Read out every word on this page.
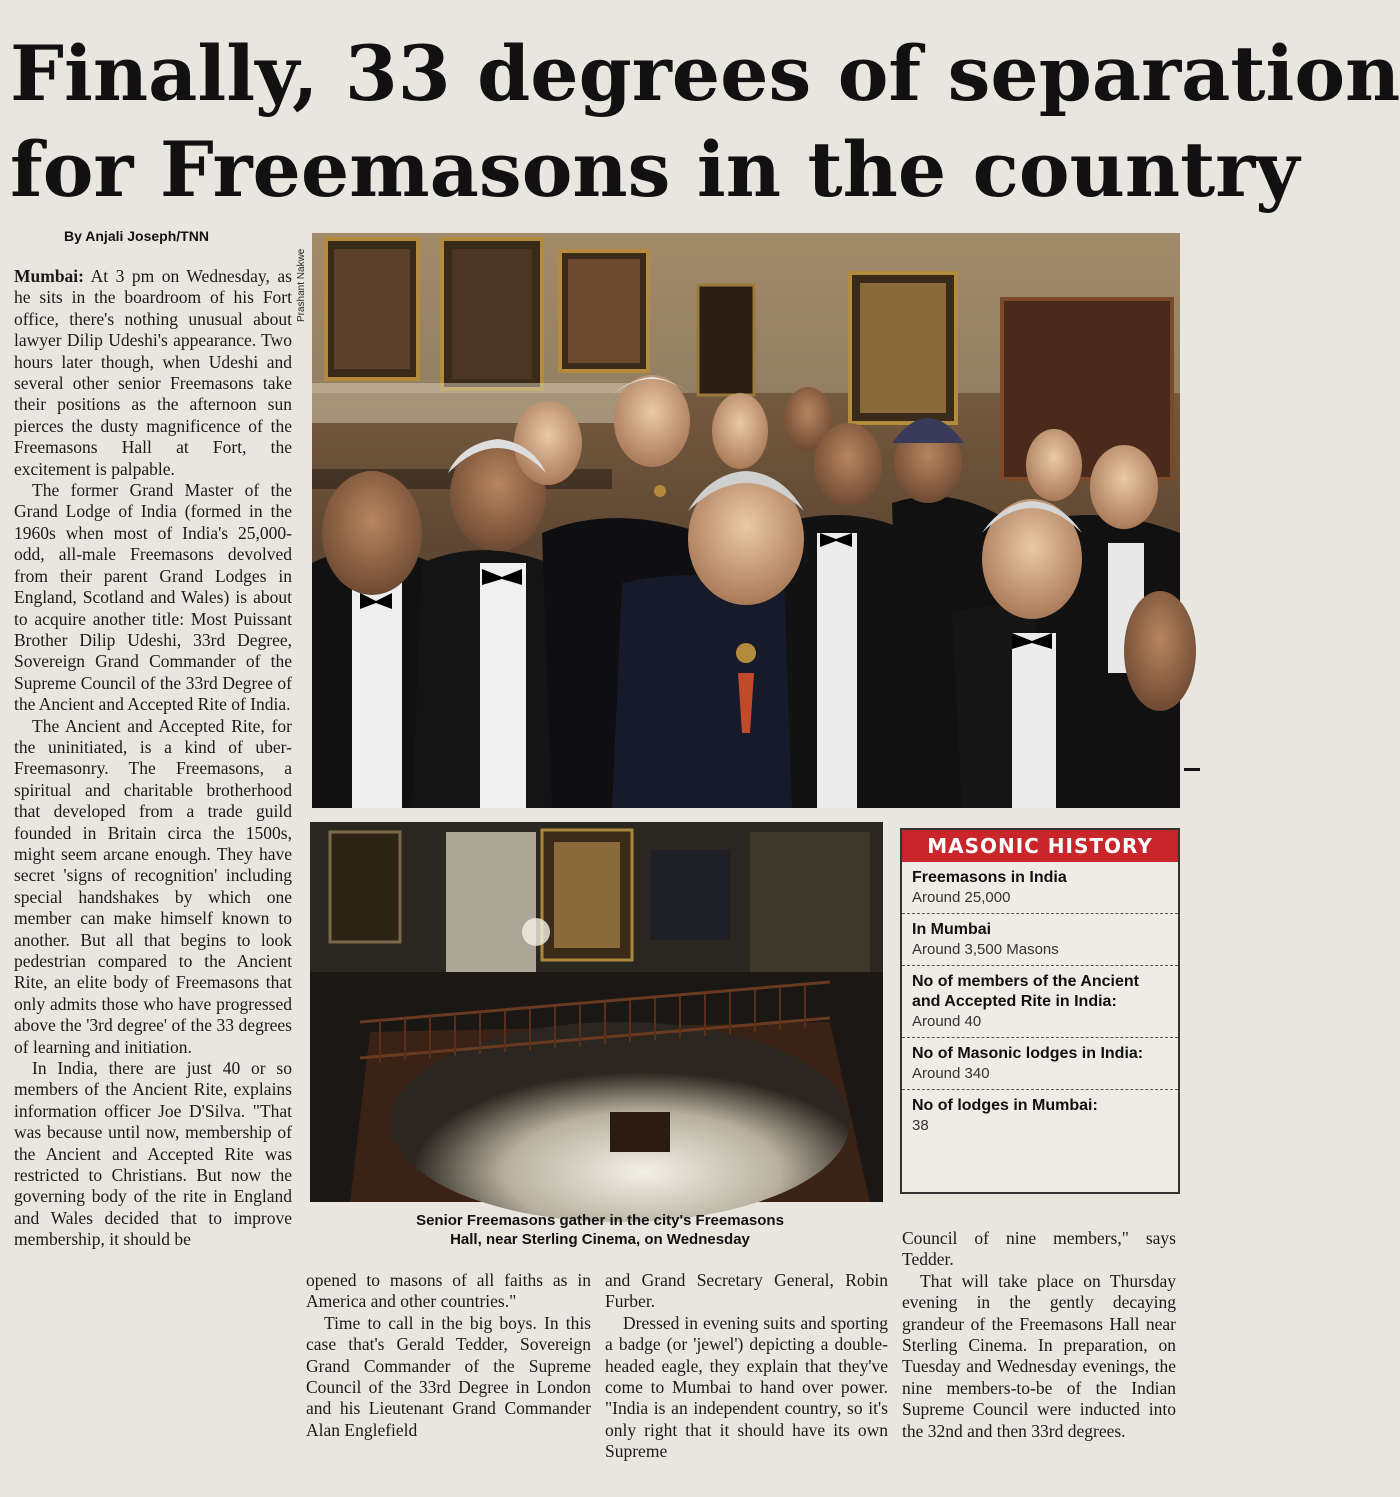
Finally, 33 degrees of separation
for Freemasons in the country
By Anjali Joseph/TNN
Prashant Nakwe

Mumbai: At 3 pm on Wednesday, as he sits in the boardroom of his Fort office, there's nothing unusual about lawyer Dilip Udeshi's appearance. Two hours later though, when Udeshi and several other senior Freemasons take their positions as the afternoon sun pierces the dusty magnificence of the Freemasons Hall at Fort, the excitement is palpable.

The former Grand Master of the Grand Lodge of India (formed in the 1960s when most of India's 25,000-odd, all-male Freemasons devolved from their parent Grand Lodges in England, Scotland and Wales) is about to acquire another title: Most Puissant Brother Dilip Udeshi, 33rd Degree, Sovereign Grand Commander of the Supreme Council of the 33rd Degree of the Ancient and Accepted Rite of India.

The Ancient and Accepted Rite, for the uninitiated, is a kind of uber-Freemasonry. The Freemasons, a spiritual and charitable brotherhood that developed from a trade guild founded in Britain circa the 1500s, might seem arcane enough. They have secret 'signs of recognition' including special handshakes by which one member can make himself known to another. But all that begins to look pedestrian compared to the Ancient Rite, an elite body of Freemasons that only admits those who have progressed above the '3rd degree' of the 33 degrees of learning and initiation.

In India, there are just 40 or so members of the Ancient Rite, explains information officer Joe D'Silva. "That was because until now, membership of the Ancient and Accepted Rite was restricted to Christians. But now the governing body of the rite in England and Wales decided that to improve membership, it should be

Senior Freemasons gather in the city's Freemasons
Hall, near Sterling Cinema, on Wednesday
MASONIC HISTORY
Freemasons in India
Around 25,000
In Mumbai
Around 3,500 Masons
No of members of the Ancient and Accepted Rite in India:
Around 40
No of Masonic lodges in India:
Around 340
No of lodges in Mumbai:
38

opened to masons of all faiths as in America and other countries."

Time to call in the big boys. In this case that's Gerald Tedder, Sovereign Grand Commander of the Supreme Council of the 33rd Degree in London and his Lieutenant Grand Commander Alan Englefield

and Grand Secretary General, Robin Furber.

Dressed in evening suits and sporting a badge (or 'jewel') depicting a double-headed eagle, they explain that they've come to Mumbai to hand over power. "India is an independent country, so it's only right that it should have its own Supreme

Council of nine members," says Tedder.

That will take place on Thursday evening in the gently decaying grandeur of the Freemasons Hall near Sterling Cinema. In preparation, on Tuesday and Wednesday evenings, the nine members-to-be of the Indian Supreme Council were inducted into the 32nd and then 33rd degrees.
